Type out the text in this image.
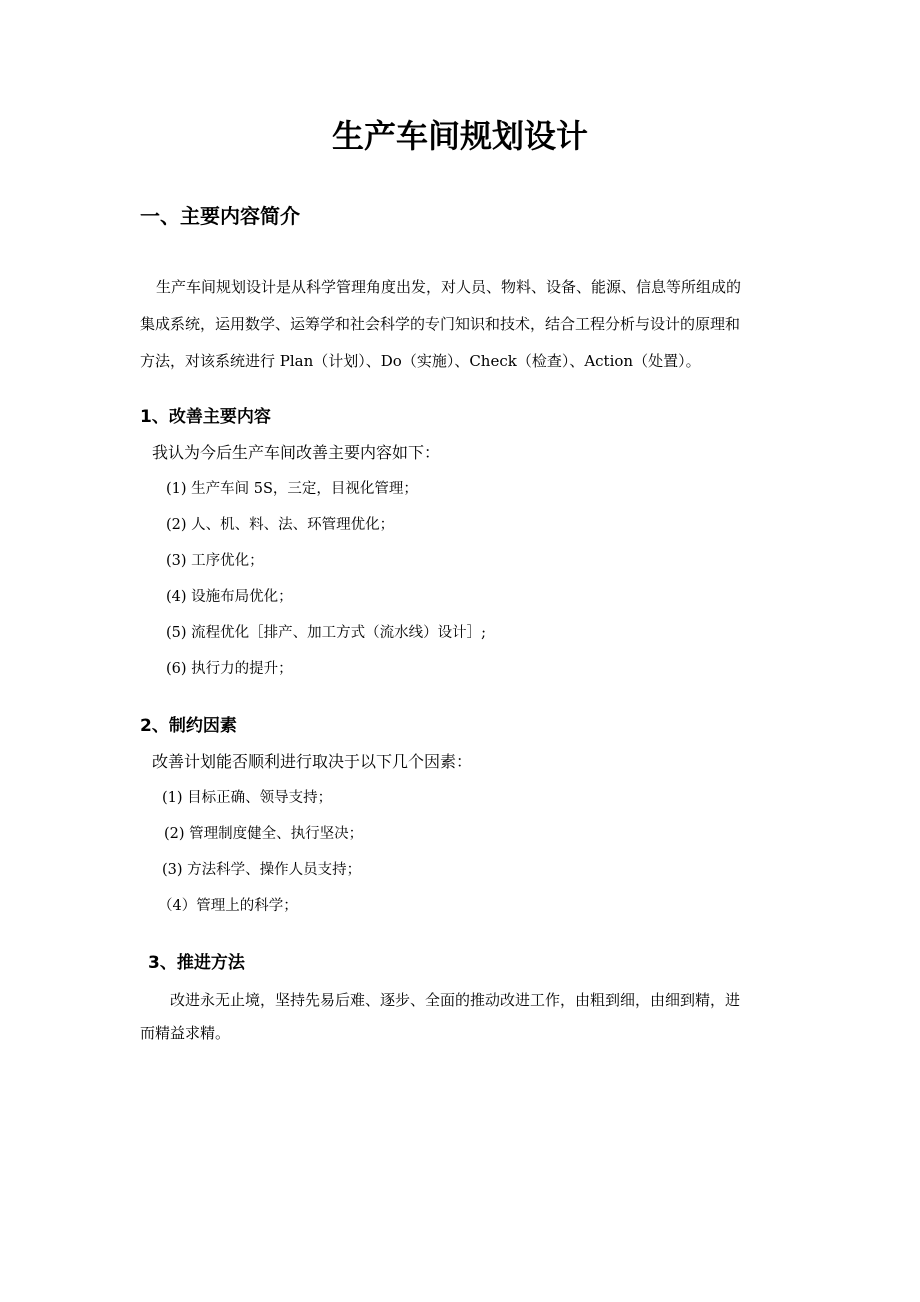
生产车间规划设计
一、主要内容简介

生产车间规划设计是从科学管理角度出发，对人员、物料、设备、能源、信息等所组成的

集成系统，运用数学、运筹学和社会科学的专门知识和技术，结合工程分析与设计的原理和

方法，对该系统进行 Plan（计划）、Do（实施）、Check（检查）、Action（处置）。

1、改善主要内容

我认为今后生产车间改善主要内容如下：

(1) 生产车间 5S，三定，目视化管理；

(2) 人、机、料、法、环管理优化；

(3) 工序优化；

(4) 设施布局优化；

(5) 流程优化［排产、加工方式（流水线）设计］;

(6) 执行力的提升；

2、制约因素

改善计划能否顺利进行取决于以下几个因素：

(1) 目标正确、领导支持；

(2) 管理制度健全、执行坚决；

(3) 方法科学、操作人员支持；

（4）管理上的科学；

3、推进方法

改进永无止境，坚持先易后难、逐步、全面的推动改进工作，由粗到细，由细到精，进

而精益求精。
